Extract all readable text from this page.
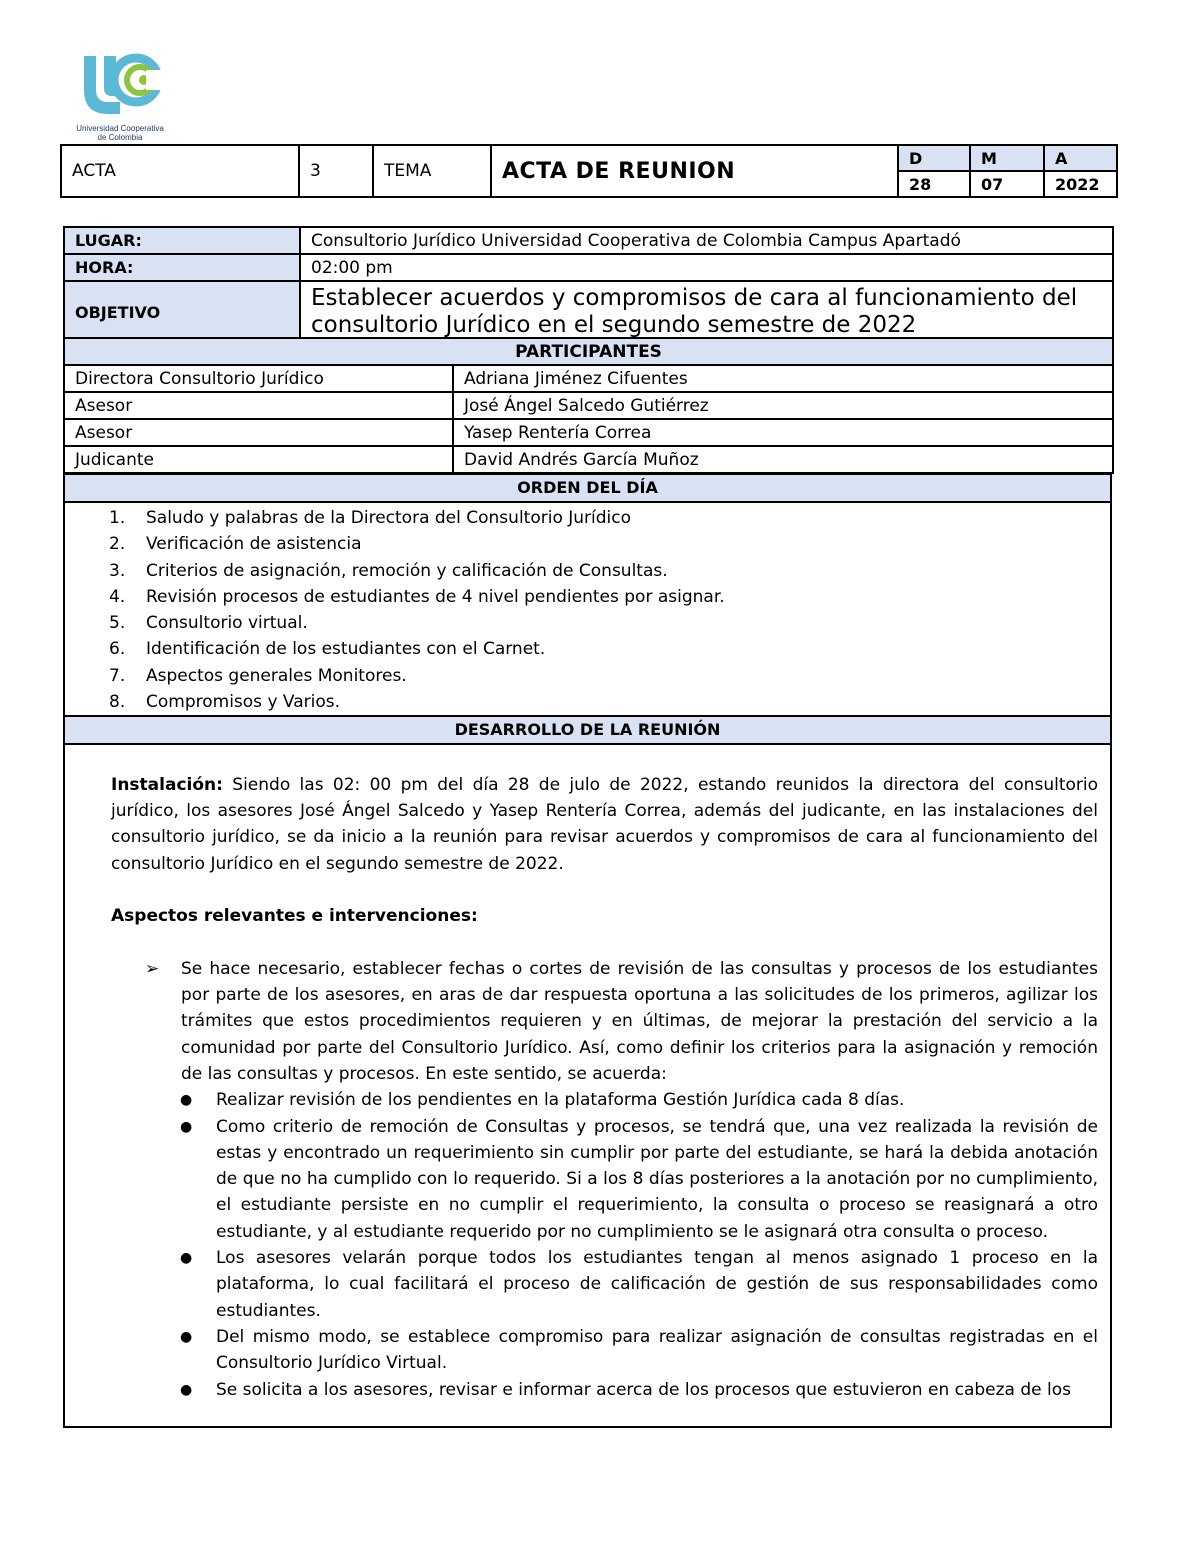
Universidad Cooperativa
de Colombia
ACTA	3	TEMA	ACTA DE REUNION	D	M	A
				28	07	2022
LUGAR:	Consultorio Jurídico Universidad Cooperativa de Colombia Campus Apartadó
HORA:	02:00 pm
OBJETIVO	Establecer acuerdos y compromisos de cara al funcionamiento del consultorio Jurídico en el segundo semestre de 2022
PARTICIPANTES	
Directora Consultorio Jurídico	Adriana Jiménez Cifuentes
Asesor	José Ángel Salcedo Gutiérrez
Asesor	Yasep Rentería Correa
Judicante	David Andrés García Muñoz
ORDEN DEL DÍA
1.	Saludo y palabras de la Directora del Consultorio Jurídico
2.	Verificación de asistencia
3.	Criterios de asignación, remoción y calificación de Consultas.
4.	Revisión procesos de estudiantes de 4 nivel pendientes por asignar.
5.	Consultorio virtual.
6.	Identificación de los estudiantes con el Carnet.
7.	Aspectos generales Monitores.
8.	Compromisos y Varios.
DESARROLLO DE LA REUNIÓN

Instalación: Siendo las 02: 00 pm del día 28 de julo de 2022, estando reunidos la directora del consultorio jurídico, los asesores José Ángel Salcedo y Yasep Rentería Correa, además del judicante, en las instalaciones del consultorio jurídico, se da inicio a la reunión para revisar acuerdos y compromisos de cara al funcionamiento del consultorio Jurídico en el segundo semestre de 2022.

Aspectos relevantes e intervenciones:

➢ Se hace necesario, establecer fechas o cortes de revisión de las consultas y procesos de los estudiantes por parte de los asesores, en aras de dar respuesta oportuna a las solicitudes de los primeros, agilizar los trámites que estos procedimientos requieren y en últimas, de mejorar la prestación del servicio a la comunidad por parte del Consultorio Jurídico. Así, como definir los criterios para la asignación y remoción de las consultas y procesos. En este sentido, se acuerda:
● Realizar revisión de los pendientes en la plataforma Gestión Jurídica cada 8 días.
● Como criterio de remoción de Consultas y procesos, se tendrá que, una vez realizada la revisión de estas y encontrado un requerimiento sin cumplir por parte del estudiante, se hará la debida anotación de que no ha cumplido con lo requerido. Si a los 8 días posteriores a la anotación por no cumplimiento, el estudiante persiste en no cumplir el requerimiento, la consulta o proceso se reasignará a otro estudiante, y al estudiante requerido por no cumplimiento se le asignará otra consulta o proceso.
● Los asesores velarán porque todos los estudiantes tengan al menos asignado 1 proceso en la plataforma, lo cual facilitará el proceso de calificación de gestión de sus responsabilidades como estudiantes.
● Del mismo modo, se establece compromiso para realizar asignación de consultas registradas en el Consultorio Jurídico Virtual.
● Se solicita a los asesores, revisar e informar acerca de los procesos que estuvieron en cabeza de los
